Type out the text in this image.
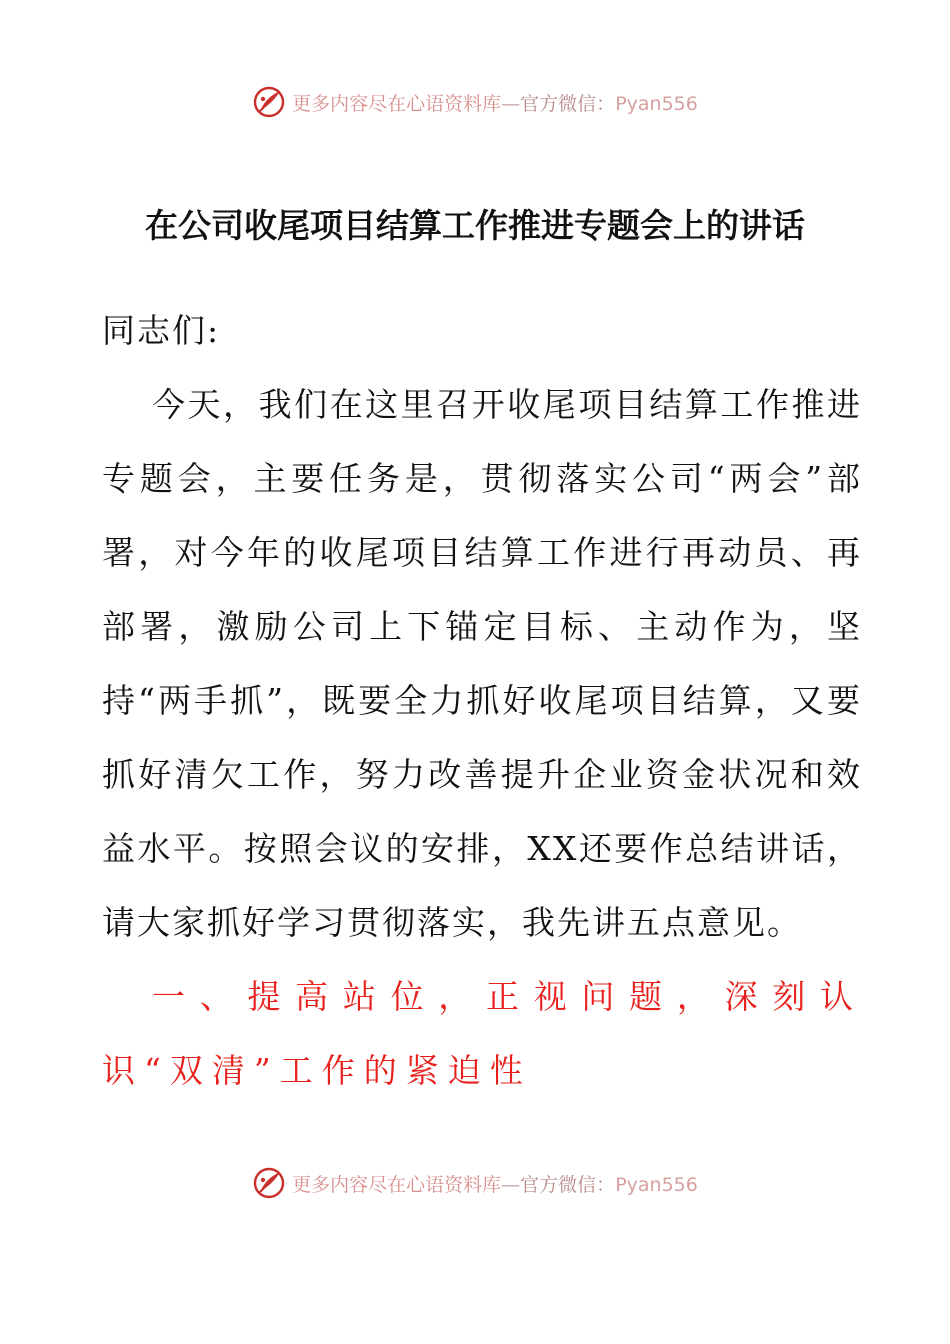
更多内容尽在心语资料库—官方微信：Pyan556
在公司收尾项目结算工作推进专题会上的讲话

同志们:

今天，我们在这里召开收尾项目结算工作推进专题会，主要任务是，贯彻落实公司“两会”部署，对今年的收尾项目结算工作进行再动员、再部署，激励公司上下锚定目标、主动作为，坚持“两手抓”，既要全力抓好收尾项目结算，又要抓好清欠工作，努力改善提升企业资金状况和效益水平。按照会议的安排，XX还要作总结讲话，请大家抓好学习贯彻落实，我先讲五点意见。

一、提高站位，正视问题，深刻认识“双清”工作的紧迫性

更多内容尽在心语资料库—官方微信：Pyan556
